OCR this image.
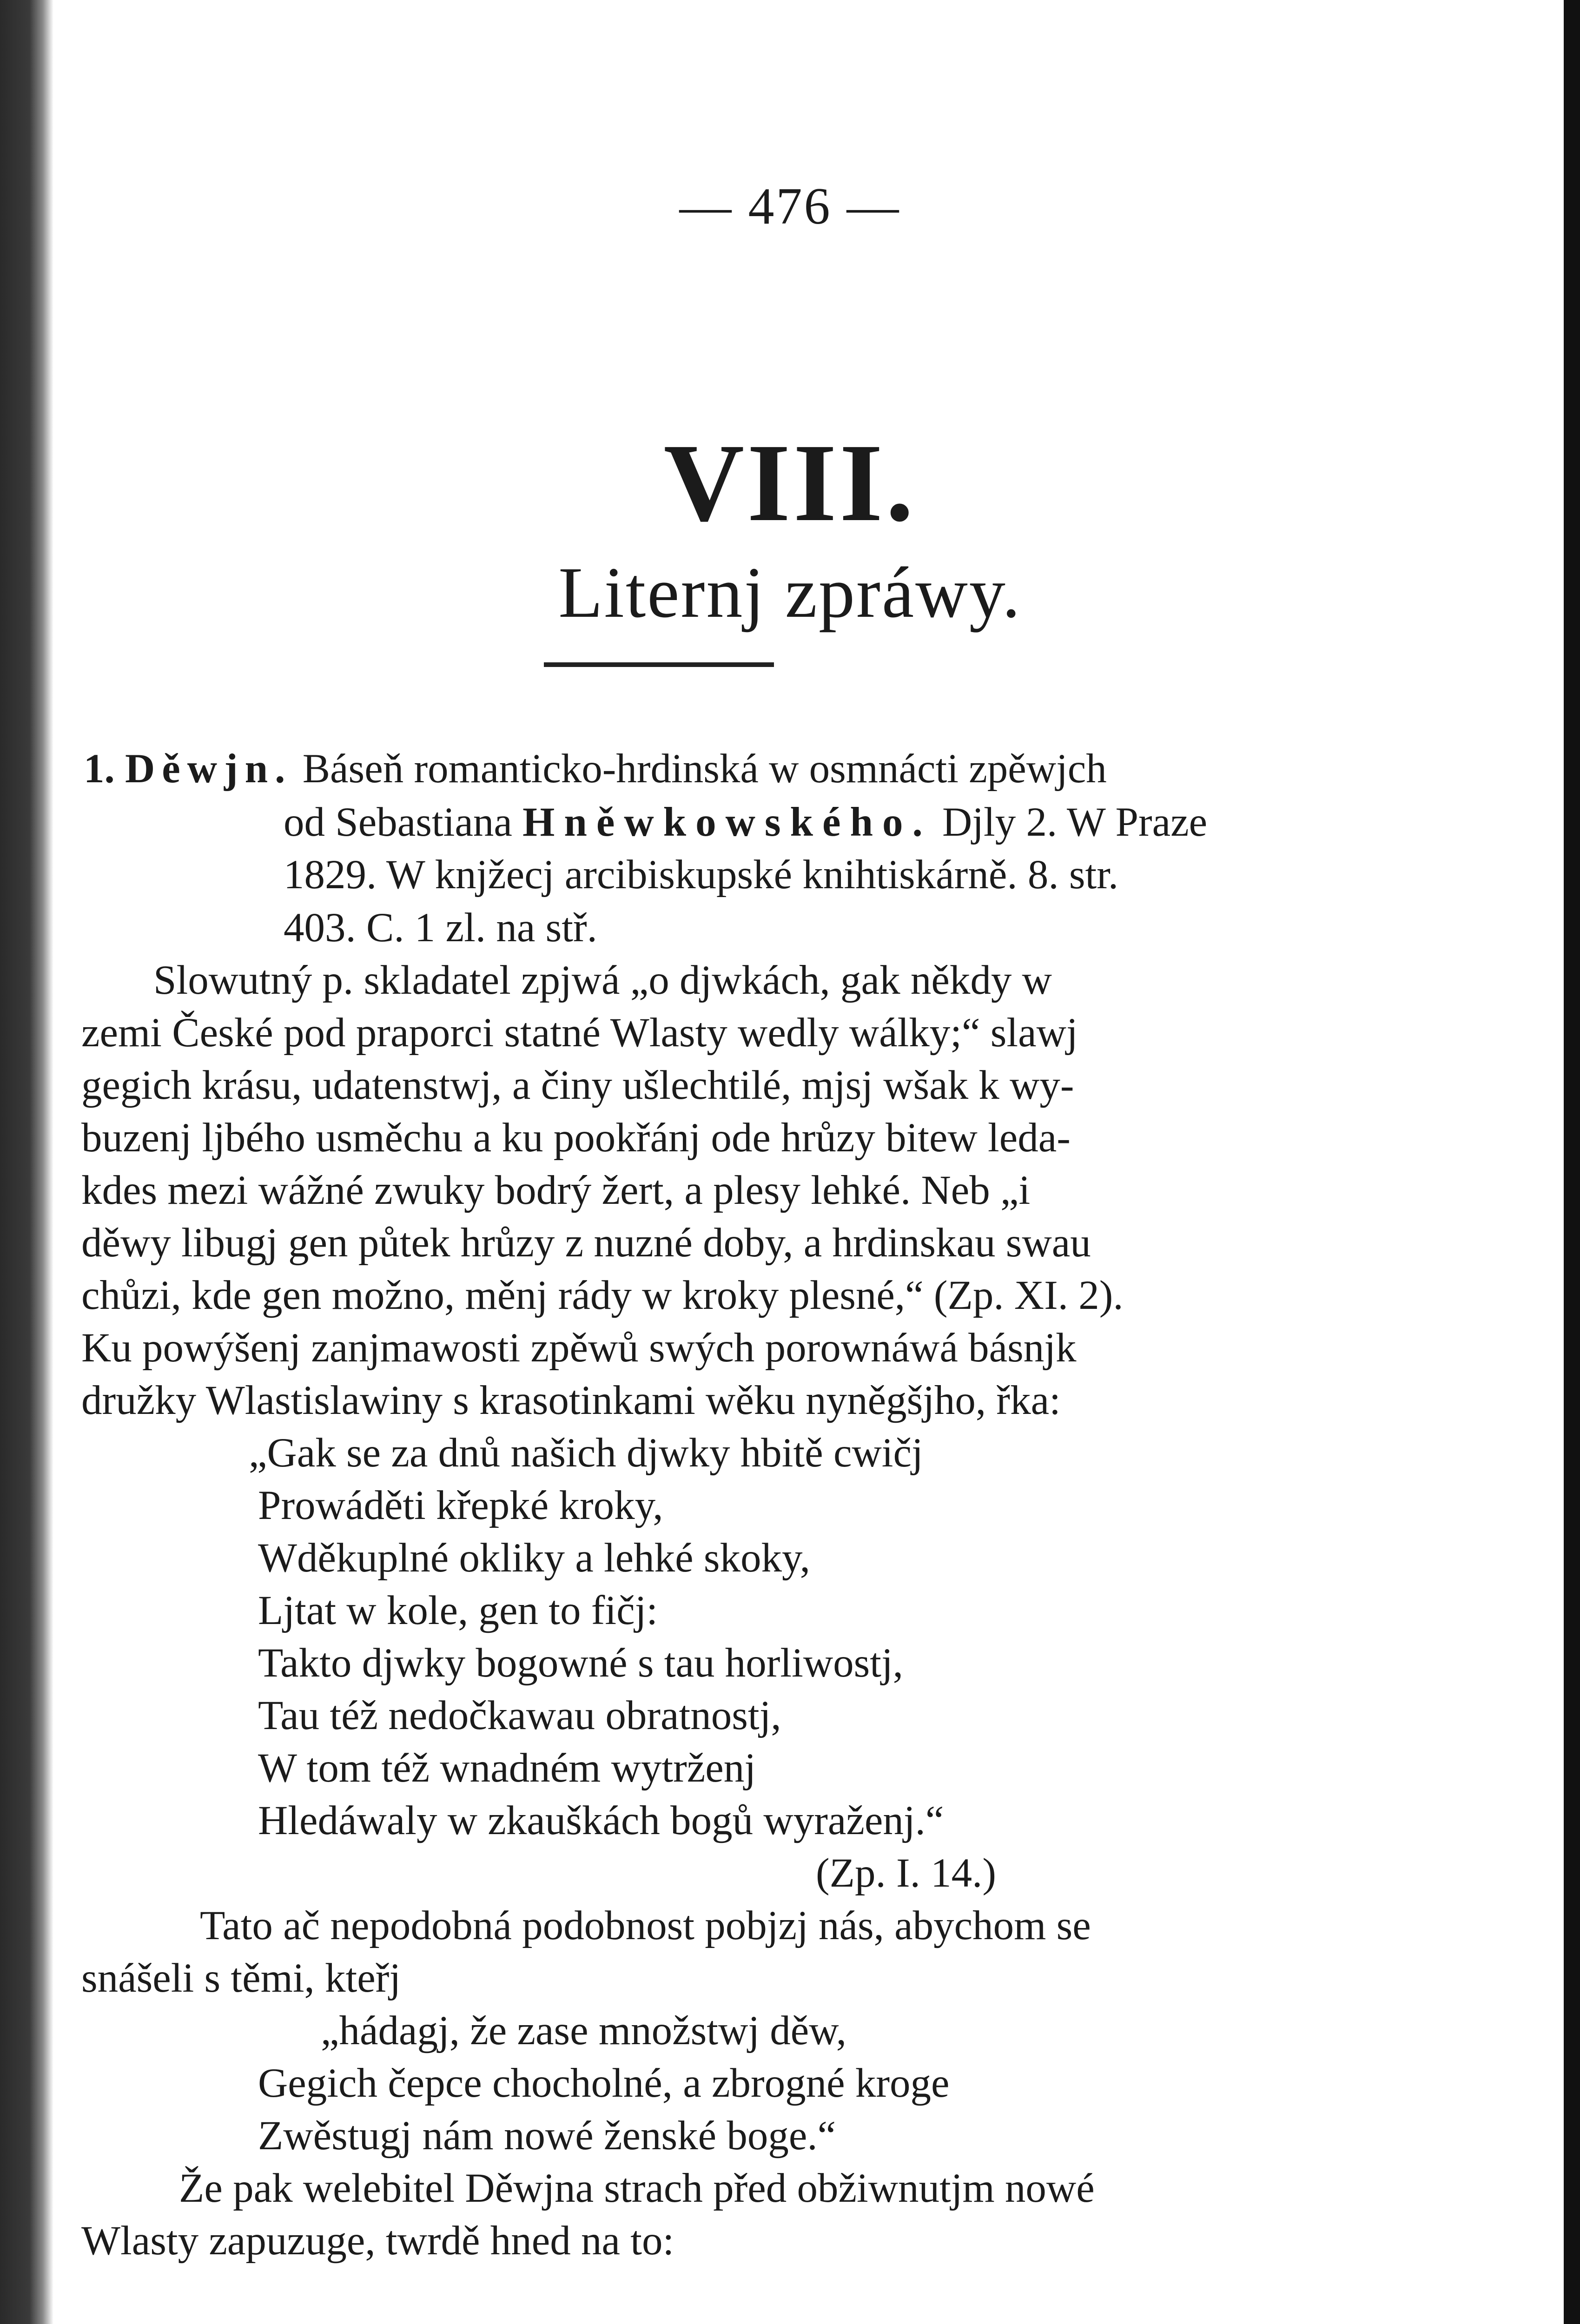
— 476 —
VIII.
Liternj zpráwy.
1. Děwjn. Báseň romanticko-hrdinská w osmnácti zpěwjch
od Sebastiana Hněwkowského. Djly 2. W Praze
1829. W knjžecj arcibiskupské knihtiskárně. 8. str.
403. C. 1 zl. na stř.
Slowutný p. skladatel zpjwá „o djwkách, gak někdy w
zemi České pod praporci statné Wlasty wedly wálky;“ slawj
gegich krásu, udatenstwj, a činy ušlechtilé, mjsj wšak k wy-
buzenj ljbého usměchu a ku pookřánj ode hrůzy bitew leda-
kdes mezi wážné zwuky bodrý žert, a plesy lehké. Neb „i
děwy libugj gen půtek hrůzy z nuzné doby, a hrdinskau swau
chůzi, kde gen možno, měnj rády w kroky plesné,“ (Zp. XI. 2).
Ku powýšenj zanjmawosti zpěwů swých porownáwá básnjk
družky Wlastislawiny s krasotinkami wěku nyněgšjho, řka:
„Gak se za dnů našich djwky hbitě cwičj
Prowáděti křepké kroky,
Wděkuplné okliky a lehké skoky,
Ljtat w kole, gen to fičj:
Takto djwky bogowné s tau horliwostj,
Tau též nedočkawau obratnostj,
W tom též wnadném wytrženj
Hledáwaly w zkauškách bogů wyraženj.“
(Zp. I. 14.)
Tato ač nepodobná podobnost pobjzj nás, abychom se
snášeli s těmi, kteřj
„hádagj, že zase množstwj děw,
Gegich čepce chocholné, a zbrogné kroge
Zwěstugj nám nowé ženské boge.“
Že pak welebitel Děwjna strach před obžiwnutjm nowé
Wlasty zapuzuge, twrdě hned na to:
